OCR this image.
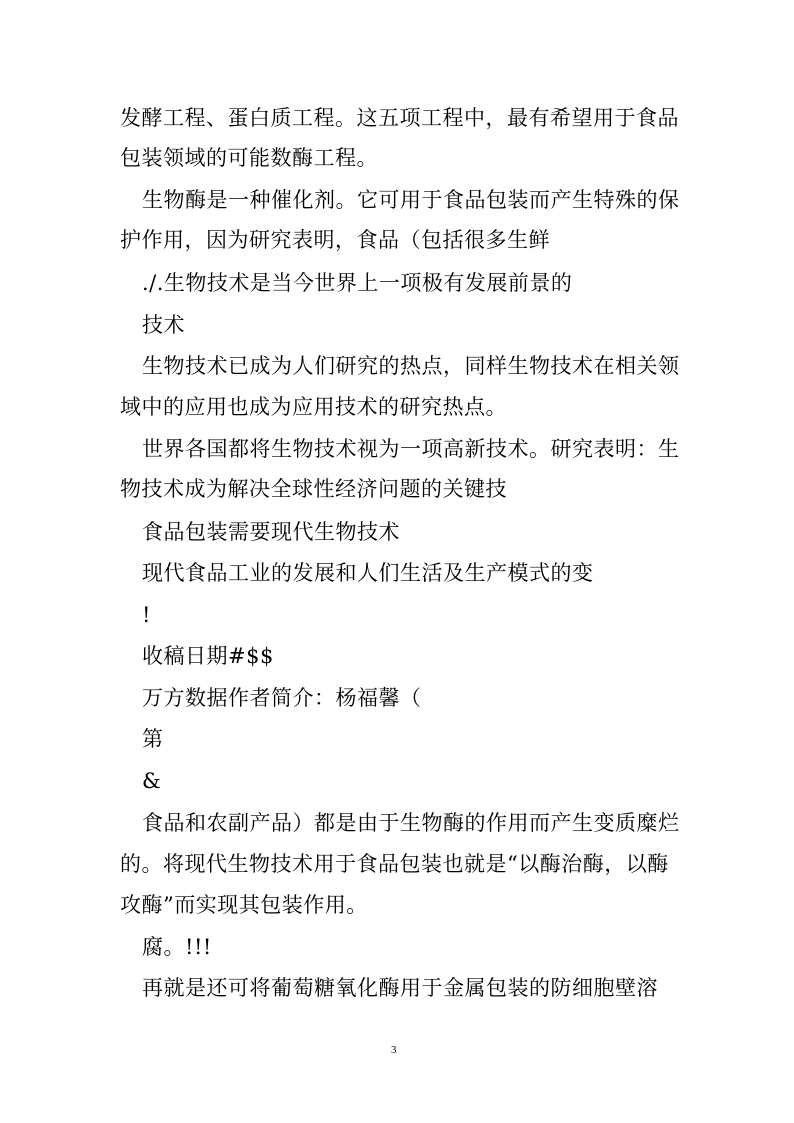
发酵工程、蛋白质工程。这五项工程中，最有希望用于食品
包装领域的可能数酶工程。
生物酶是一种催化剂。它可用于食品包装而产生特殊的保
护作用，因为研究表明，食品（包括很多生鲜
./.生物技术是当今世界上一项极有发展前景的
技术
生物技术已成为人们研究的热点，同样生物技术在相关领
域中的应用也成为应用技术的研究热点。
世界各国都将生物技术视为一项高新技术。研究表明：生
物技术成为解决全球性经济问题的关键技
食品包装需要现代生物技术
现代食品工业的发展和人们生活及生产模式的变
!
收稿日期#$$
万方数据作者简介：杨福馨（
第
&
食品和农副产品）都是由于生物酶的作用而产生变质糜烂
的。将现代生物技术用于食品包装也就是“以酶治酶，以酶
攻酶”而实现其包装作用。
腐。!!!
再就是还可将葡萄糖氧化酶用于金属包装的防细胞壁溶
3
